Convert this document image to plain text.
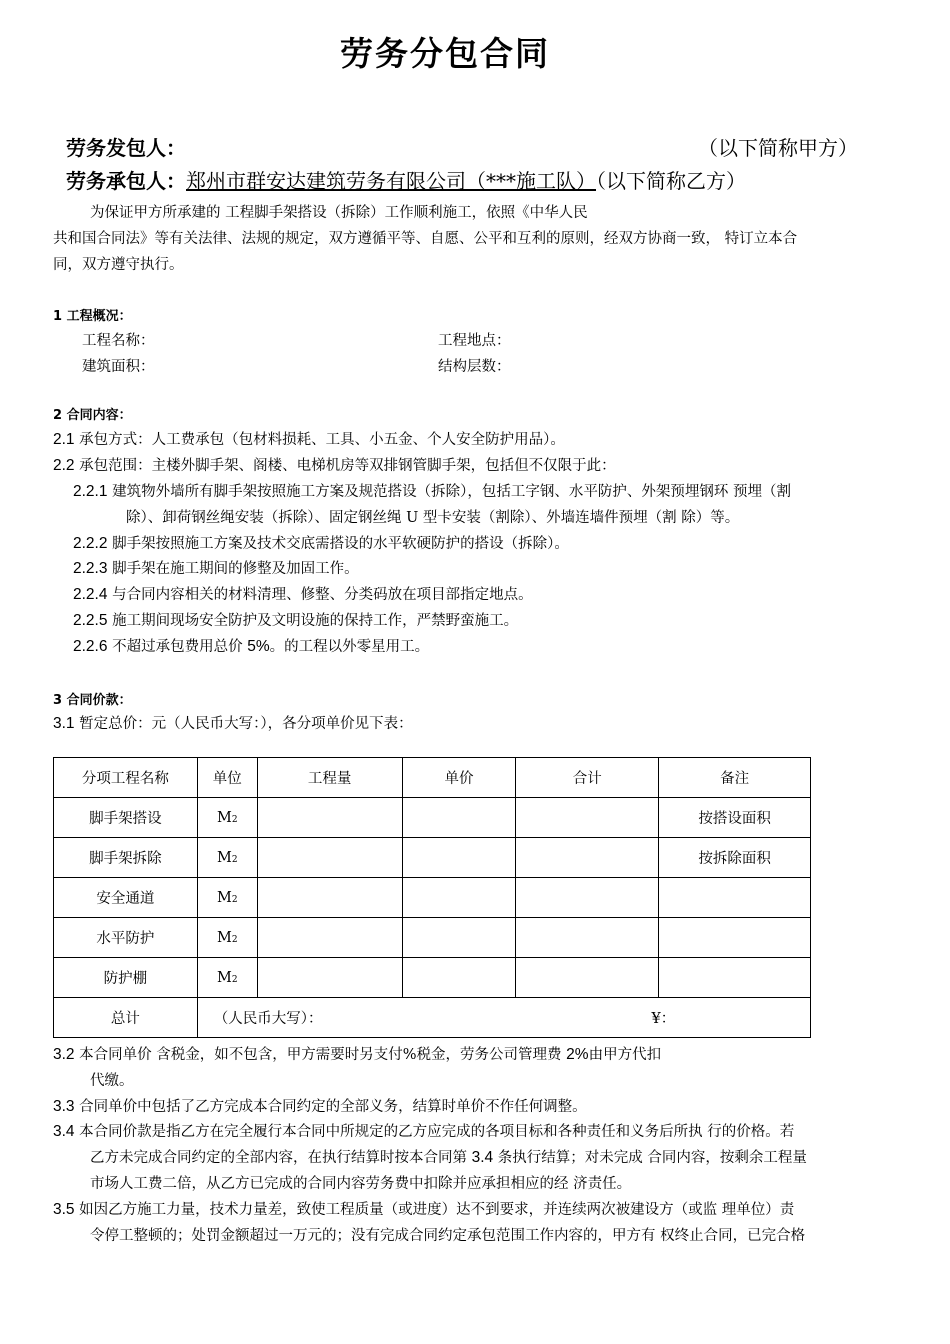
劳务分包合同
劳务发包人：	（以下简称甲方）
劳务承包人：郑州市群安达建筑劳务有限公司（***施工队）（以下简称乙方）
为保证甲方所承建的 工程脚手架搭设（拆除）工作顺利施工，依照《中华人民
共和国合同法》等有关法律、法规的规定，双方遵循平等、自愿、公平和互利的原则，经双方协商一致， 特订立本合
同，双方遵守执行。
1 工程概况：
工程名称：	工程地点：
建筑面积：	结构层数：
2 合同内容：
2.1 承包方式：人工费承包（包材料损耗、工具、小五金、个人安全防护用品）。
2.2 承包范围：主楼外脚手架、阁楼、电梯机房等双排钢管脚手架，包括但不仅限于此：
2.2.1 建筑物外墙所有脚手架按照施工方案及规范搭设（拆除），包括工字钢、水平防护、外架预埋钢环 预埋（割
除）、卸荷钢丝绳安装（拆除）、固定钢丝绳 U 型卡安装（割除）、外墙连墙件预埋（割 除）等。
2.2.2 脚手架按照施工方案及技术交底需搭设的水平软硬防护的搭设（拆除）。
2.2.3 脚手架在施工期间的修整及加固工作。
2.2.4 与合同内容相关的材料清理、修整、分类码放在项目部指定地点。
2.2.5 施工期间现场安全防护及文明设施的保持工作，严禁野蛮施工。
2.2.6 不超过承包费用总价 5%。的工程以外零星用工。
3 合同价款：
3.1 暂定总价：元（人民币大写：），各分项单价见下表：
分项工程名称	单位	工程量	单价	合计	备注
脚手架搭设	M2				按搭设面积
脚手架拆除	M2				按拆除面积
安全通道	M2				
水平防护	M2				
防护棚	M2				
总计	（人民币大写）： ¥：				
3.2 本合同单价 含税金，如不包含，甲方需要时另支付%税金，劳务公司管理费 2%由甲方代扣
代缴。
3.3 合同单价中包括了乙方完成本合同约定的全部义务，结算时单价不作任何调整。
3.4 本合同价款是指乙方在完全履行本合同中所规定的乙方应完成的各项目标和各种责任和义务后所执 行的价格。若
乙方未完成合同约定的全部内容，在执行结算时按本合同第 3.4 条执行结算；对未完成 合同内容，按剩余工程量
市场人工费二倍，从乙方已完成的合同内容劳务费中扣除并应承担相应的经 济责任。
3.5 如因乙方施工力量，技术力量差，致使工程质量（或进度）达不到要求，并连续两次被建设方（或监 理单位）责
令停工整顿的；处罚金额超过一万元的；没有完成合同约定承包范围工作内容的，甲方有 权终止合同，已完合格
